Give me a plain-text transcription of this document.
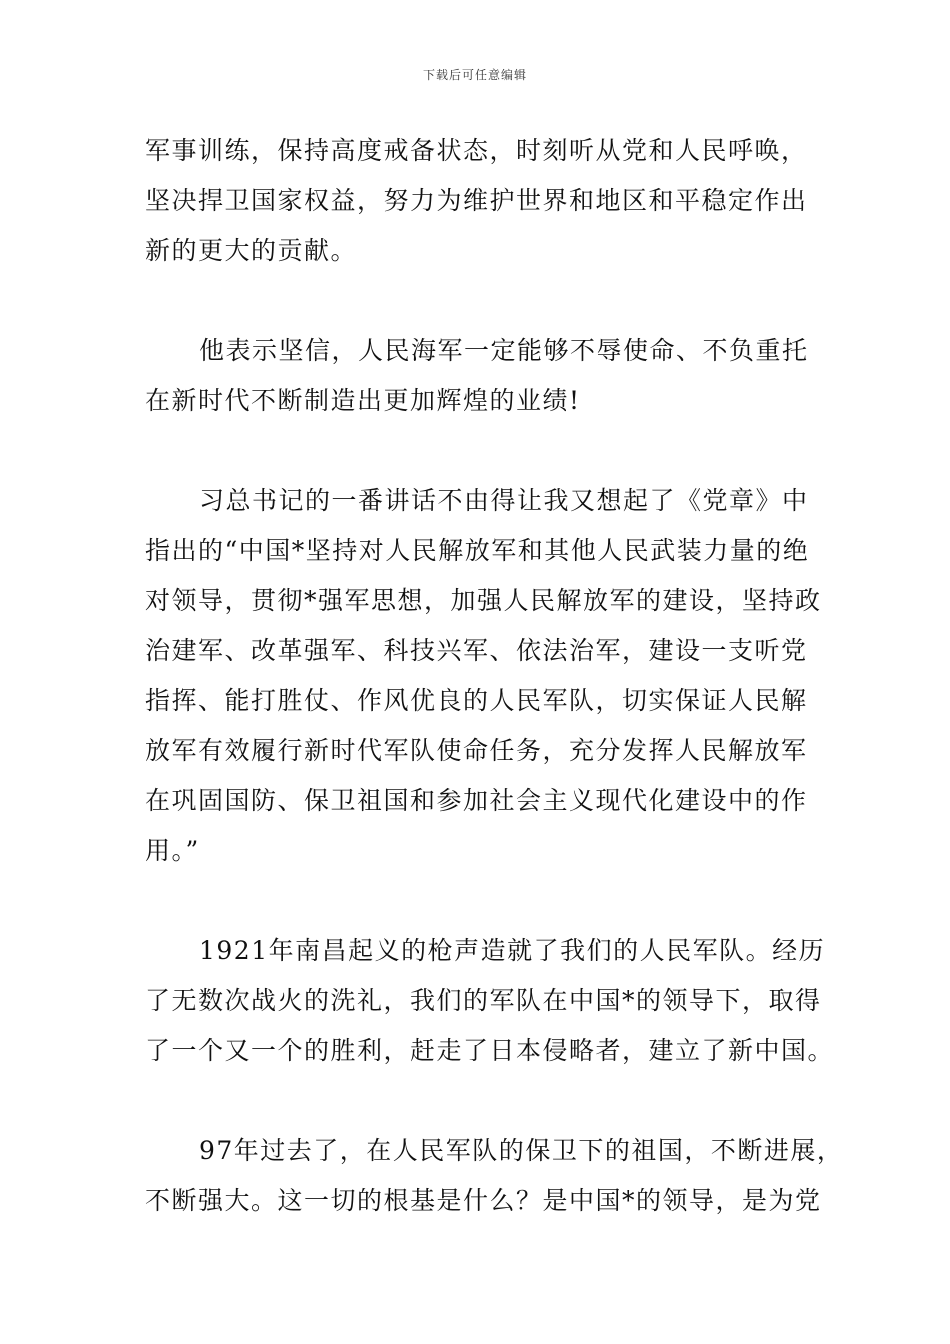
下载后可任意编辑
军事训练，保持高度戒备状态，时刻听从党和人民呼唤，
坚决捍卫国家权益，努力为维护世界和地区和平稳定作出
新的更大的贡献。
他表示坚信，人民海军一定能够不辱使命、不负重托
在新时代不断制造出更加辉煌的业绩!
习总书记的一番讲话不由得让我又想起了《党章》中
指出的“中国*坚持对人民解放军和其他人民武装力量的绝
对领导，贯彻*强军思想，加强人民解放军的建设，坚持政
治建军、改革强军、科技兴军、依法治军，建设一支听党
指挥、能打胜仗、作风优良的人民军队，切实保证人民解
放军有效履行新时代军队使命任务，充分发挥人民解放军
在巩固国防、保卫祖国和参加社会主义现代化建设中的作
用。”
1921年南昌起义的枪声造就了我们的人民军队。经历
了无数次战火的洗礼，我们的军队在中国*的领导下，取得
了一个又一个的胜利，赶走了日本侵略者，建立了新中国。
97年过去了，在人民军队的保卫下的祖国，不断进展，
不断强大。这一切的根基是什么？是中国*的领导，是为党
